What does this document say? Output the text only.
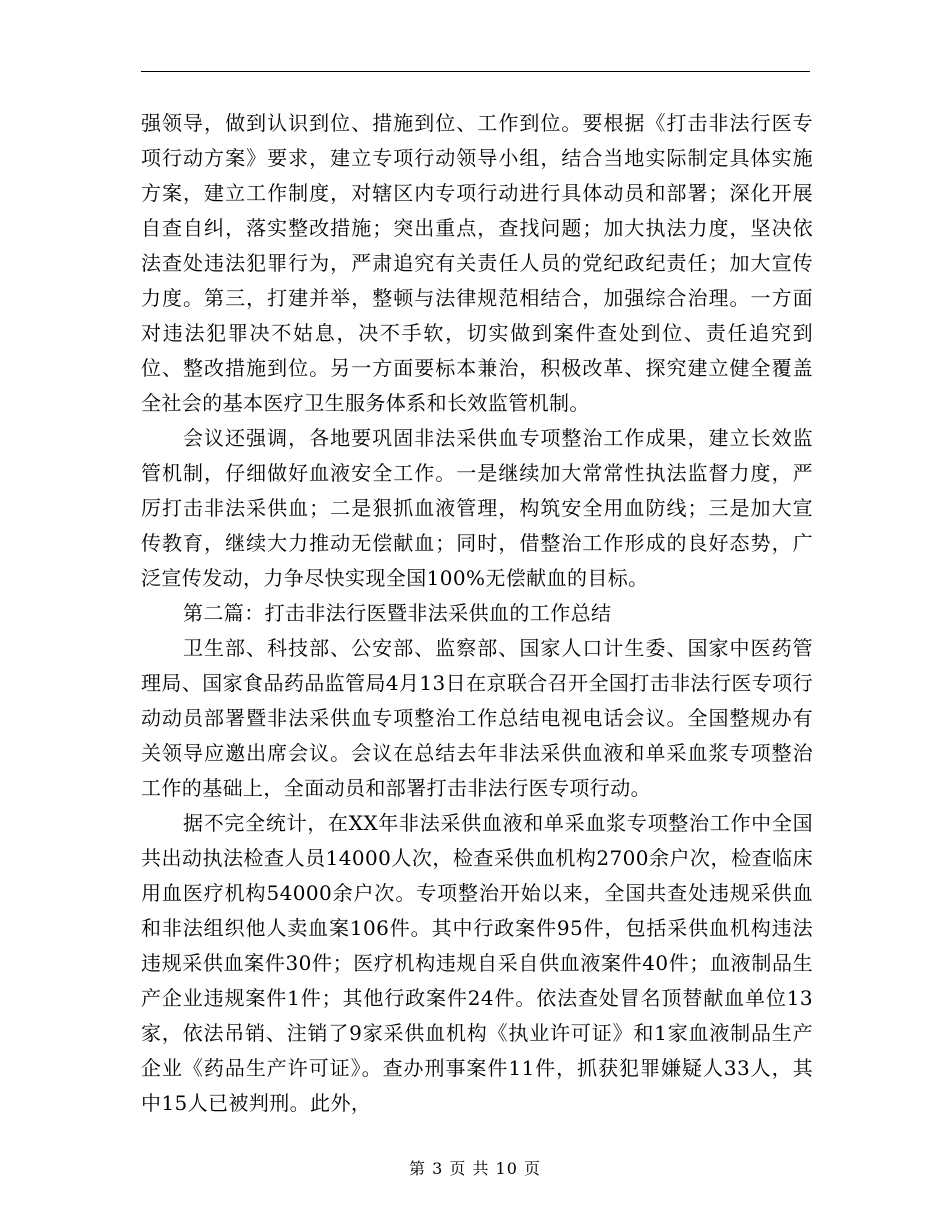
强领导，做到认识到位、措施到位、工作到位。要根据《打击非法行医专项行动方案》要求，建立专项行动领导小组，结合当地实际制定具体实施方案，建立工作制度，对辖区内专项行动进行具体动员和部署；深化开展自查自纠，落实整改措施；突出重点，查找问题；加大执法力度，坚决依法查处违法犯罪行为，严肃追究有关责任人员的党纪政纪责任；加大宣传力度。第三，打建并举，整顿与法律规范相结合，加强综合治理。一方面对违法犯罪决不姑息，决不手软，切实做到案件查处到位、责任追究到位、整改措施到位。另一方面要标本兼治，积极改革、探究建立健全覆盖全社会的基本医疗卫生服务体系和长效监管机制。

会议还强调，各地要巩固非法采供血专项整治工作成果，建立长效监管机制，仔细做好血液安全工作。一是继续加大常常性执法监督力度，严厉打击非法采供血；二是狠抓血液管理，构筑安全用血防线；三是加大宣传教育，继续大力推动无偿献血；同时，借整治工作形成的良好态势，广泛宣传发动，力争尽快实现全国100%无偿献血的目标。

第二篇：打击非法行医暨非法采供血的工作总结

卫生部、科技部、公安部、监察部、国家人口计生委、国家中医药管理局、国家食品药品监管局4月13日在京联合召开全国打击非法行医专项行动动员部署暨非法采供血专项整治工作总结电视电话会议。全国整规办有关领导应邀出席会议。会议在总结去年非法采供血液和单采血浆专项整治工作的基础上，全面动员和部署打击非法行医专项行动。

据不完全统计，在XX年非法采供血液和单采血浆专项整治工作中全国共出动执法检查人员14000人次，检查采供血机构2700余户次，检查临床用血医疗机构54000余户次。专项整治开始以来，全国共查处违规采供血和非法组织他人卖血案106件。其中行政案件95件，包括采供血机构违法违规采供血案件30件；医疗机构违规自采自供血液案件40件；血液制品生产企业违规案件1件；其他行政案件24件。依法查处冒名顶替献血单位13家，依法吊销、注销了9家采供血机构《执业许可证》和1家血液制品生产企业《药品生产许可证》。查办刑事案件11件，抓获犯罪嫌疑人33人，其中15人已被判刑。此外，

第 3 页 共 10 页
